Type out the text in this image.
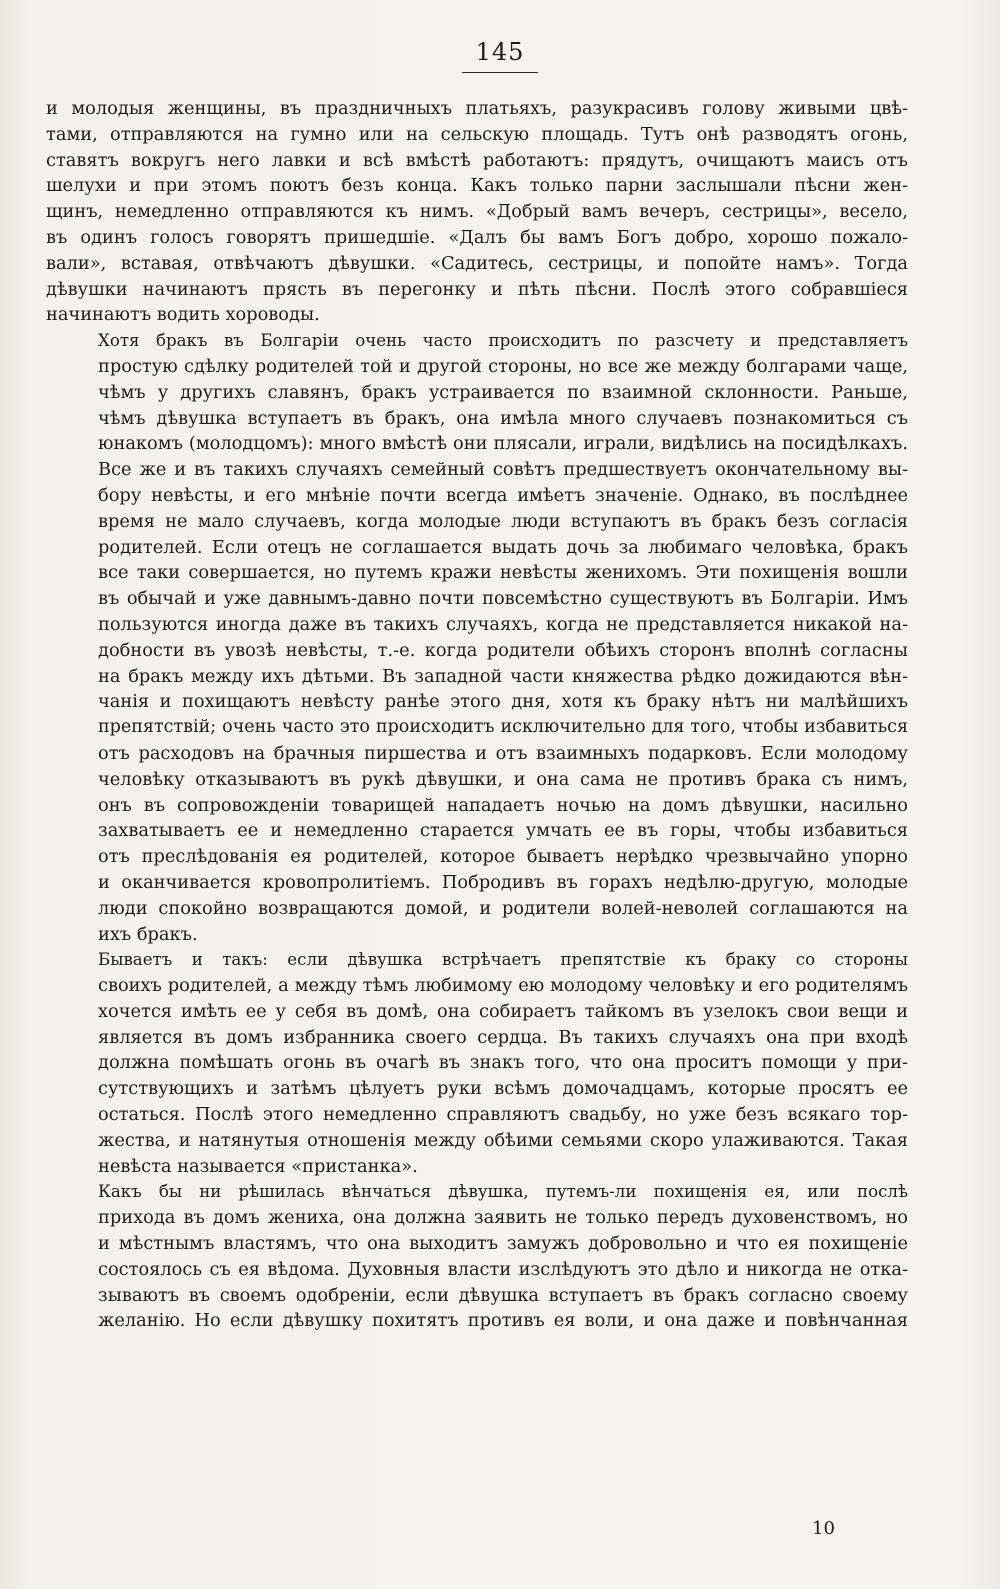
145
и молодыя женщины, въ праздничныхъ платьяхъ, разукрасивъ голову живыми цвѣ-
тами, отправляются на гумно или на сельскую площадь. Тутъ онѣ разводятъ огонь,
ставятъ вокругъ него лавки и всѣ вмѣстѣ работаютъ: прядутъ, очищаютъ маисъ отъ
шелухи и при этомъ поютъ безъ конца. Какъ только парни заслышали пѣсни жен-
щинъ, немедленно отправляются къ нимъ. «Добрый вамъ вечеръ, сестрицы», весело,
въ одинъ голосъ говорятъ пришедшіе. «Далъ бы вамъ Богъ добро, хорошо пожало-
вали», вставая, отвѣчаютъ дѣвушки. «Садитесь, сестрицы, и попойте намъ». Тогда
дѣвушки начинаютъ прясть въ перегонку и пѣть пѣсни. Послѣ этого собравшіеся
начинаютъ водить хороводы.
Хотя бракъ въ Болгаріи очень часто происходитъ по разсчету и представляетъ
простую сдѣлку родителей той и другой стороны, но все же между болгарами чаще,
чѣмъ у другихъ славянъ, бракъ устраивается по взаимной склонности. Раньше,
чѣмъ дѣвушка вступаетъ въ бракъ, она имѣла много случаевъ познакомиться съ
юнакомъ (молодцомъ): много вмѣстѣ они плясали, играли, видѣлись на посидѣлкахъ.
Все же и въ такихъ случаяхъ семейный совѣтъ предшествуетъ окончательному вы-
бору невѣсты, и его мнѣніе почти всегда имѣетъ значеніе. Однако, въ послѣднее
время не мало случаевъ, когда молодые люди вступаютъ въ бракъ безъ согласія
родителей. Если отецъ не соглашается выдать дочь за любимаго человѣка, бракъ
все таки совершается, но путемъ кражи невѣсты женихомъ. Эти похищенія вошли
въ обычай и уже давнымъ-давно почти повсемѣстно существуютъ въ Болгаріи. Имъ
пользуются иногда даже въ такихъ случаяхъ, когда не представляется никакой на-
добности въ увозѣ невѣсты, т.-е. когда родители обѣихъ сторонъ вполнѣ согласны
на бракъ между ихъ дѣтьми. Въ западной части княжества рѣдко дожидаются вѣн-
чанія и похищаютъ невѣсту ранѣе этого дня, хотя къ браку нѣтъ ни малѣйшихъ
препятствій; очень часто это происходитъ исключительно для того, чтобы избавиться
отъ расходовъ на брачныя пиршества и отъ взаимныхъ подарковъ. Если молодому
человѣку отказываютъ въ рукѣ дѣвушки, и она сама не противъ брака съ нимъ,
онъ въ сопровожденіи товарищей нападаетъ ночью на домъ дѣвушки, насильно
захватываетъ ее и немедленно старается умчать ее въ горы, чтобы избавиться
отъ преслѣдованія ея родителей, которое бываетъ нерѣдко чрезвычайно упорно
и оканчивается кровопролитіемъ. Побродивъ въ горахъ недѣлю-другую, молодые
люди спокойно возвращаются домой, и родители волей-неволей соглашаются на
ихъ бракъ.
Бываетъ и такъ: если дѣвушка встрѣчаетъ препятствіе къ браку со стороны
своихъ родителей, а между тѣмъ любимому ею молодому человѣку и его родителямъ
хочется имѣть ее у себя въ домѣ, она собираетъ тайкомъ въ узелокъ свои вещи и
является въ домъ избранника своего сердца. Въ такихъ случаяхъ она при входѣ
должна помѣшать огонь въ очагѣ въ знакъ того, что она проситъ помощи у при-
сутствующихъ и затѣмъ цѣлуетъ руки всѣмъ домочадцамъ, которые просятъ ее
остаться. Послѣ этого немедленно справляютъ свадьбу, но уже безъ всякаго тор-
жества, и натянутыя отношенія между обѣими семьями скоро улаживаются. Такая
невѣста называется «пристанка».
Какъ бы ни рѣшилась вѣнчаться дѣвушка, путемъ-ли похищенія ея, или послѣ
прихода въ домъ жениха, она должна заявить не только передъ духовенствомъ, но
и мѣстнымъ властямъ, что она выходитъ замужъ добровольно и что ея похищеніе
состоялось съ ея вѣдома. Духовныя власти изслѣдуютъ это дѣло и никогда не отка-
зываютъ въ своемъ одобреніи, если дѣвушка вступаетъ въ бракъ согласно своему
желанію. Но если дѣвушку похитятъ противъ ея воли, и она даже и повѣнчанная
10
